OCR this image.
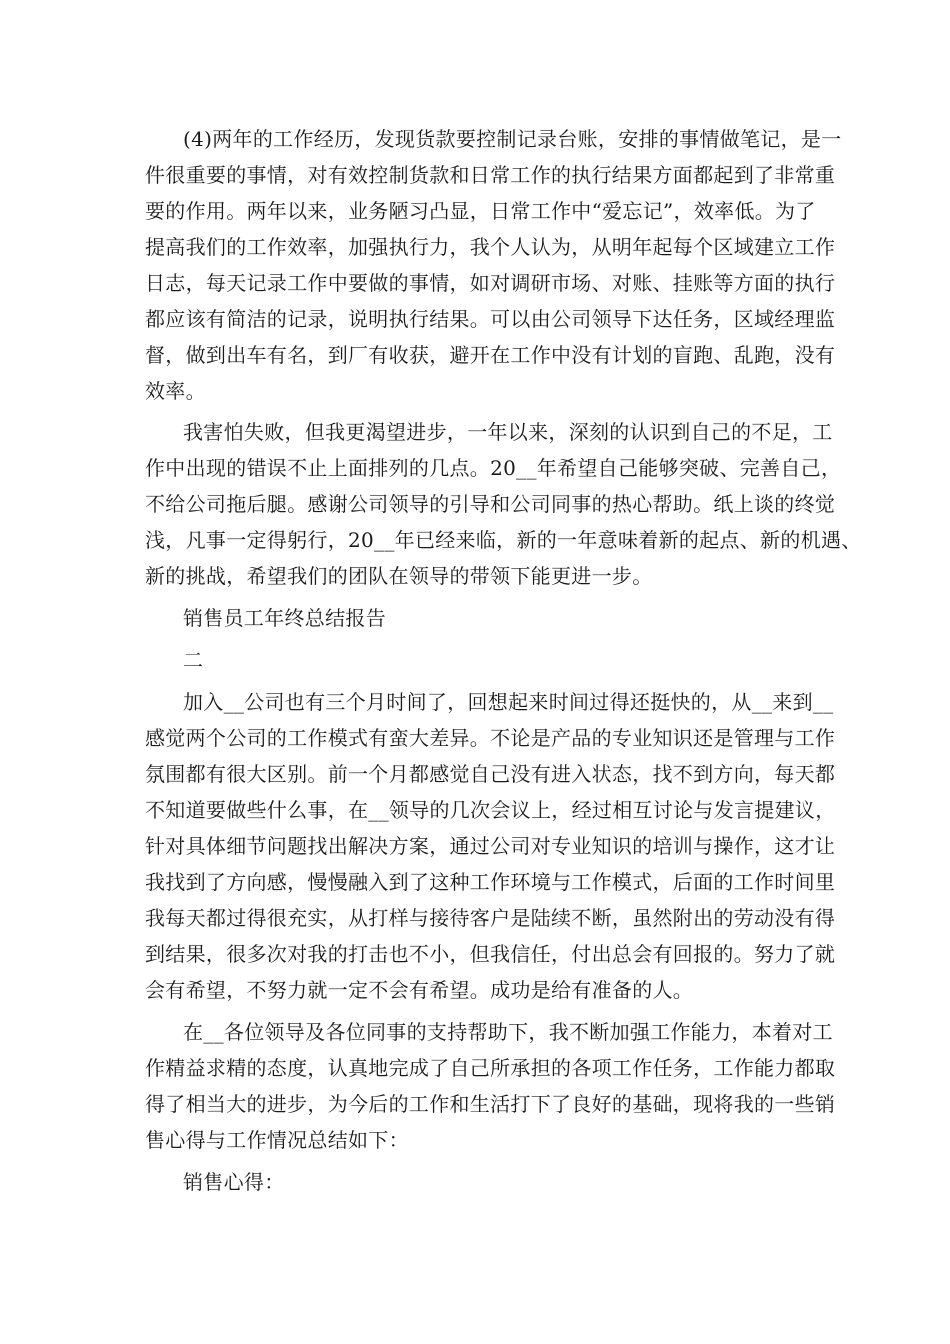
(4)两年的工作经历，发现货款要控制记录台账，安排的事情做笔记，是一
件很重要的事情，对有效控制货款和日常工作的执行结果方面都起到了非常重
要的作用。两年以来，业务陋习凸显，日常工作中“爱忘记”，效率低。为了
提高我们的工作效率，加强执行力，我个人认为，从明年起每个区域建立工作
日志，每天记录工作中要做的事情，如对调研市场、对账、挂账等方面的执行
都应该有简洁的记录，说明执行结果。可以由公司领导下达任务，区域经理监
督，做到出车有名，到厂有收获，避开在工作中没有计划的盲跑、乱跑，没有
效率。
我害怕失败，但我更渴望进步，一年以来，深刻的认识到自己的不足，工
作中出现的错误不止上面排列的几点。20__年希望自己能够突破、完善自己，
不给公司拖后腿。感谢公司领导的引导和公司同事的热心帮助。纸上谈的终觉
浅，凡事一定得躬行，20__年已经来临，新的一年意味着新的起点、新的机遇、
新的挑战，希望我们的团队在领导的带领下能更进一步。
销售员工年终总结报告
二
加入__公司也有三个月时间了，回想起来时间过得还挺快的，从__来到__
感觉两个公司的工作模式有蛮大差异。不论是产品的专业知识还是管理与工作
氛围都有很大区别。前一个月都感觉自己没有进入状态，找不到方向，每天都
不知道要做些什么事，在__领导的几次会议上，经过相互讨论与发言提建议，
针对具体细节问题找出解决方案，通过公司对专业知识的培训与操作，这才让
我找到了方向感，慢慢融入到了这种工作环境与工作模式，后面的工作时间里
我每天都过得很充实，从打样与接待客户是陆续不断，虽然附出的劳动没有得
到结果，很多次对我的打击也不小，但我信任，付出总会有回报的。努力了就
会有希望，不努力就一定不会有希望。成功是给有准备的人。
在__各位领导及各位同事的支持帮助下，我不断加强工作能力，本着对工
作精益求精的态度，认真地完成了自己所承担的各项工作任务，工作能力都取
得了相当大的进步，为今后的工作和生活打下了良好的基础，现将我的一些销
售心得与工作情况总结如下：
销售心得：
